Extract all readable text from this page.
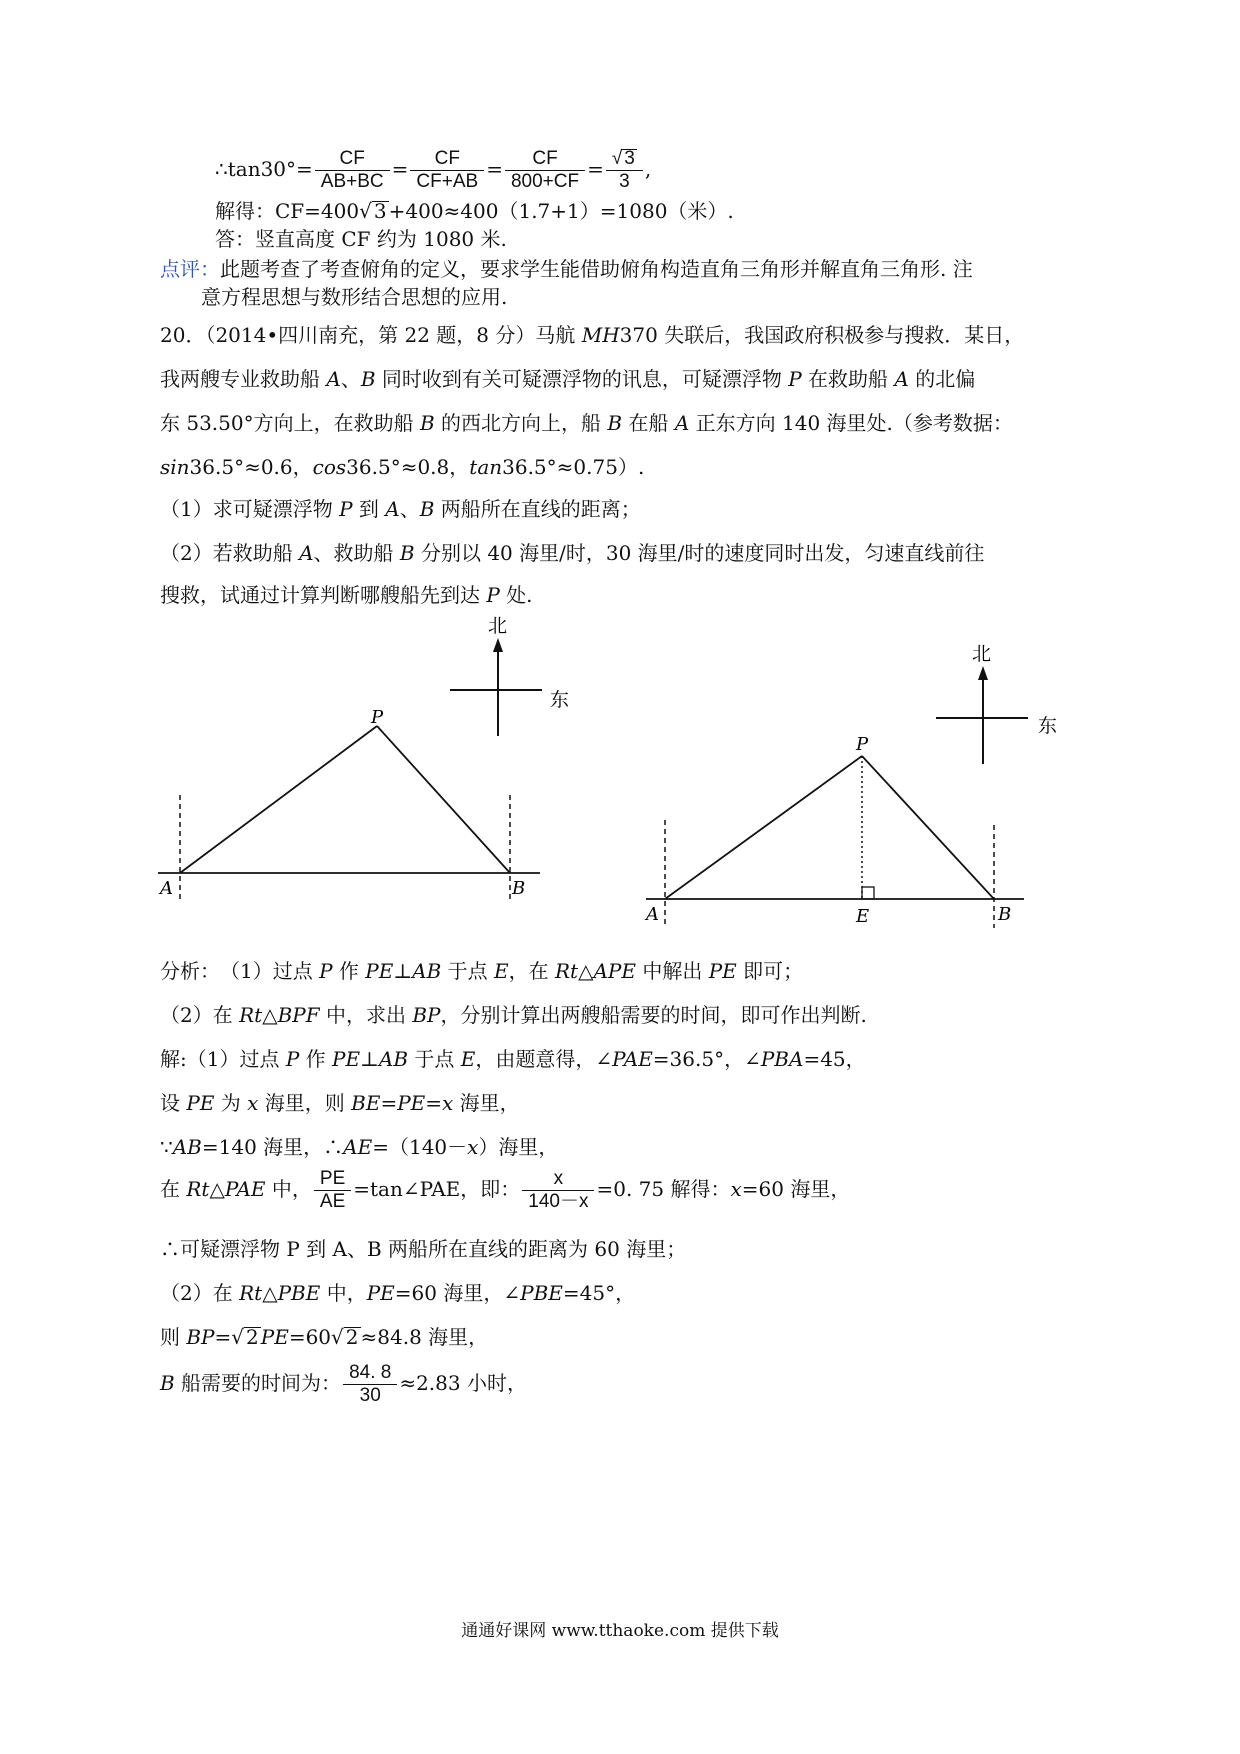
∴tan30°= $\frac{CF}{AB+BC} = \frac{CF}{CF+AB} = \frac{CF}{800+CF} = \frac{√ 3}{3}$ ,
解得：CF=400√ 3 +400≈400（1.7+1）=1080（米）.
答：竖直高度 CF 约为 1080 米.
点评：此题考查了考查俯角的定义，要求学生能借助俯角构造直角三角形并解直角三角形. 注
意方程思想与数形结合思想的应用.
20．（2014•四川南充，第 22 题，8 分）马航 MH370 失联后，我国政府积极参与搜救．某日，
我两艘专业救助船 A、B 同时收到有关可疑漂浮物的讯息，可疑漂浮物 P 在救助船 A 的北偏
东 53.50°方向上，在救助船 B 的西北方向上，船 B 在船 A 正东方向 140 海里处.（参考数据：
sin36.5°≈0.6，cos36.5°≈0.8，tan36.5°≈0.75）.
（1）求可疑漂浮物 P 到 A、B 两船所在直线的距离；
（2）若救助船 A、救助船 B 分别以 40 海里/时，30 海里/时的速度同时出发，匀速直线前往
搜救，试通过计算判断哪艘船先到达 P 处.
北
东
P
A	B
北
东
P
A	B
E
分析：　（1）过点 P 作 PE⊥AB 于点 E，在 Rt△APE 中解出 PE 即可；
（2）在 Rt△BPF 中，求出 BP，分别计算出两艘船需要的时间，即可作出判断.
解:（1）过点 P 作 PE⊥AB 于点 E，由题意得，∠PAE=36.5°，∠PBA=45，
设 PE 为 x 海里，则 BE=PE=x 海里，
∵AB=140 海里，∴AE=（140－x）海里，
在 Rt△PAE 中， $\frac{PE}{AE}$ =tan∠PAE，即： $\frac{x}{140-x} =0$. 75 解得：x=60 海里，
∴可疑漂浮物 P 到 A、B 两船所在直线的距离为 60 海里；
（2）在 Rt△PBE 中，PE=60 海里，∠PBE=45°，
则 BP=√ 2 PE=60√ 2 ≈84.8 海里，
B 船需要的时间为： $\frac{84. 8}{30} \approx 2.83$ 小时，
通通好课网 www.tthaoke.com 提供下载
